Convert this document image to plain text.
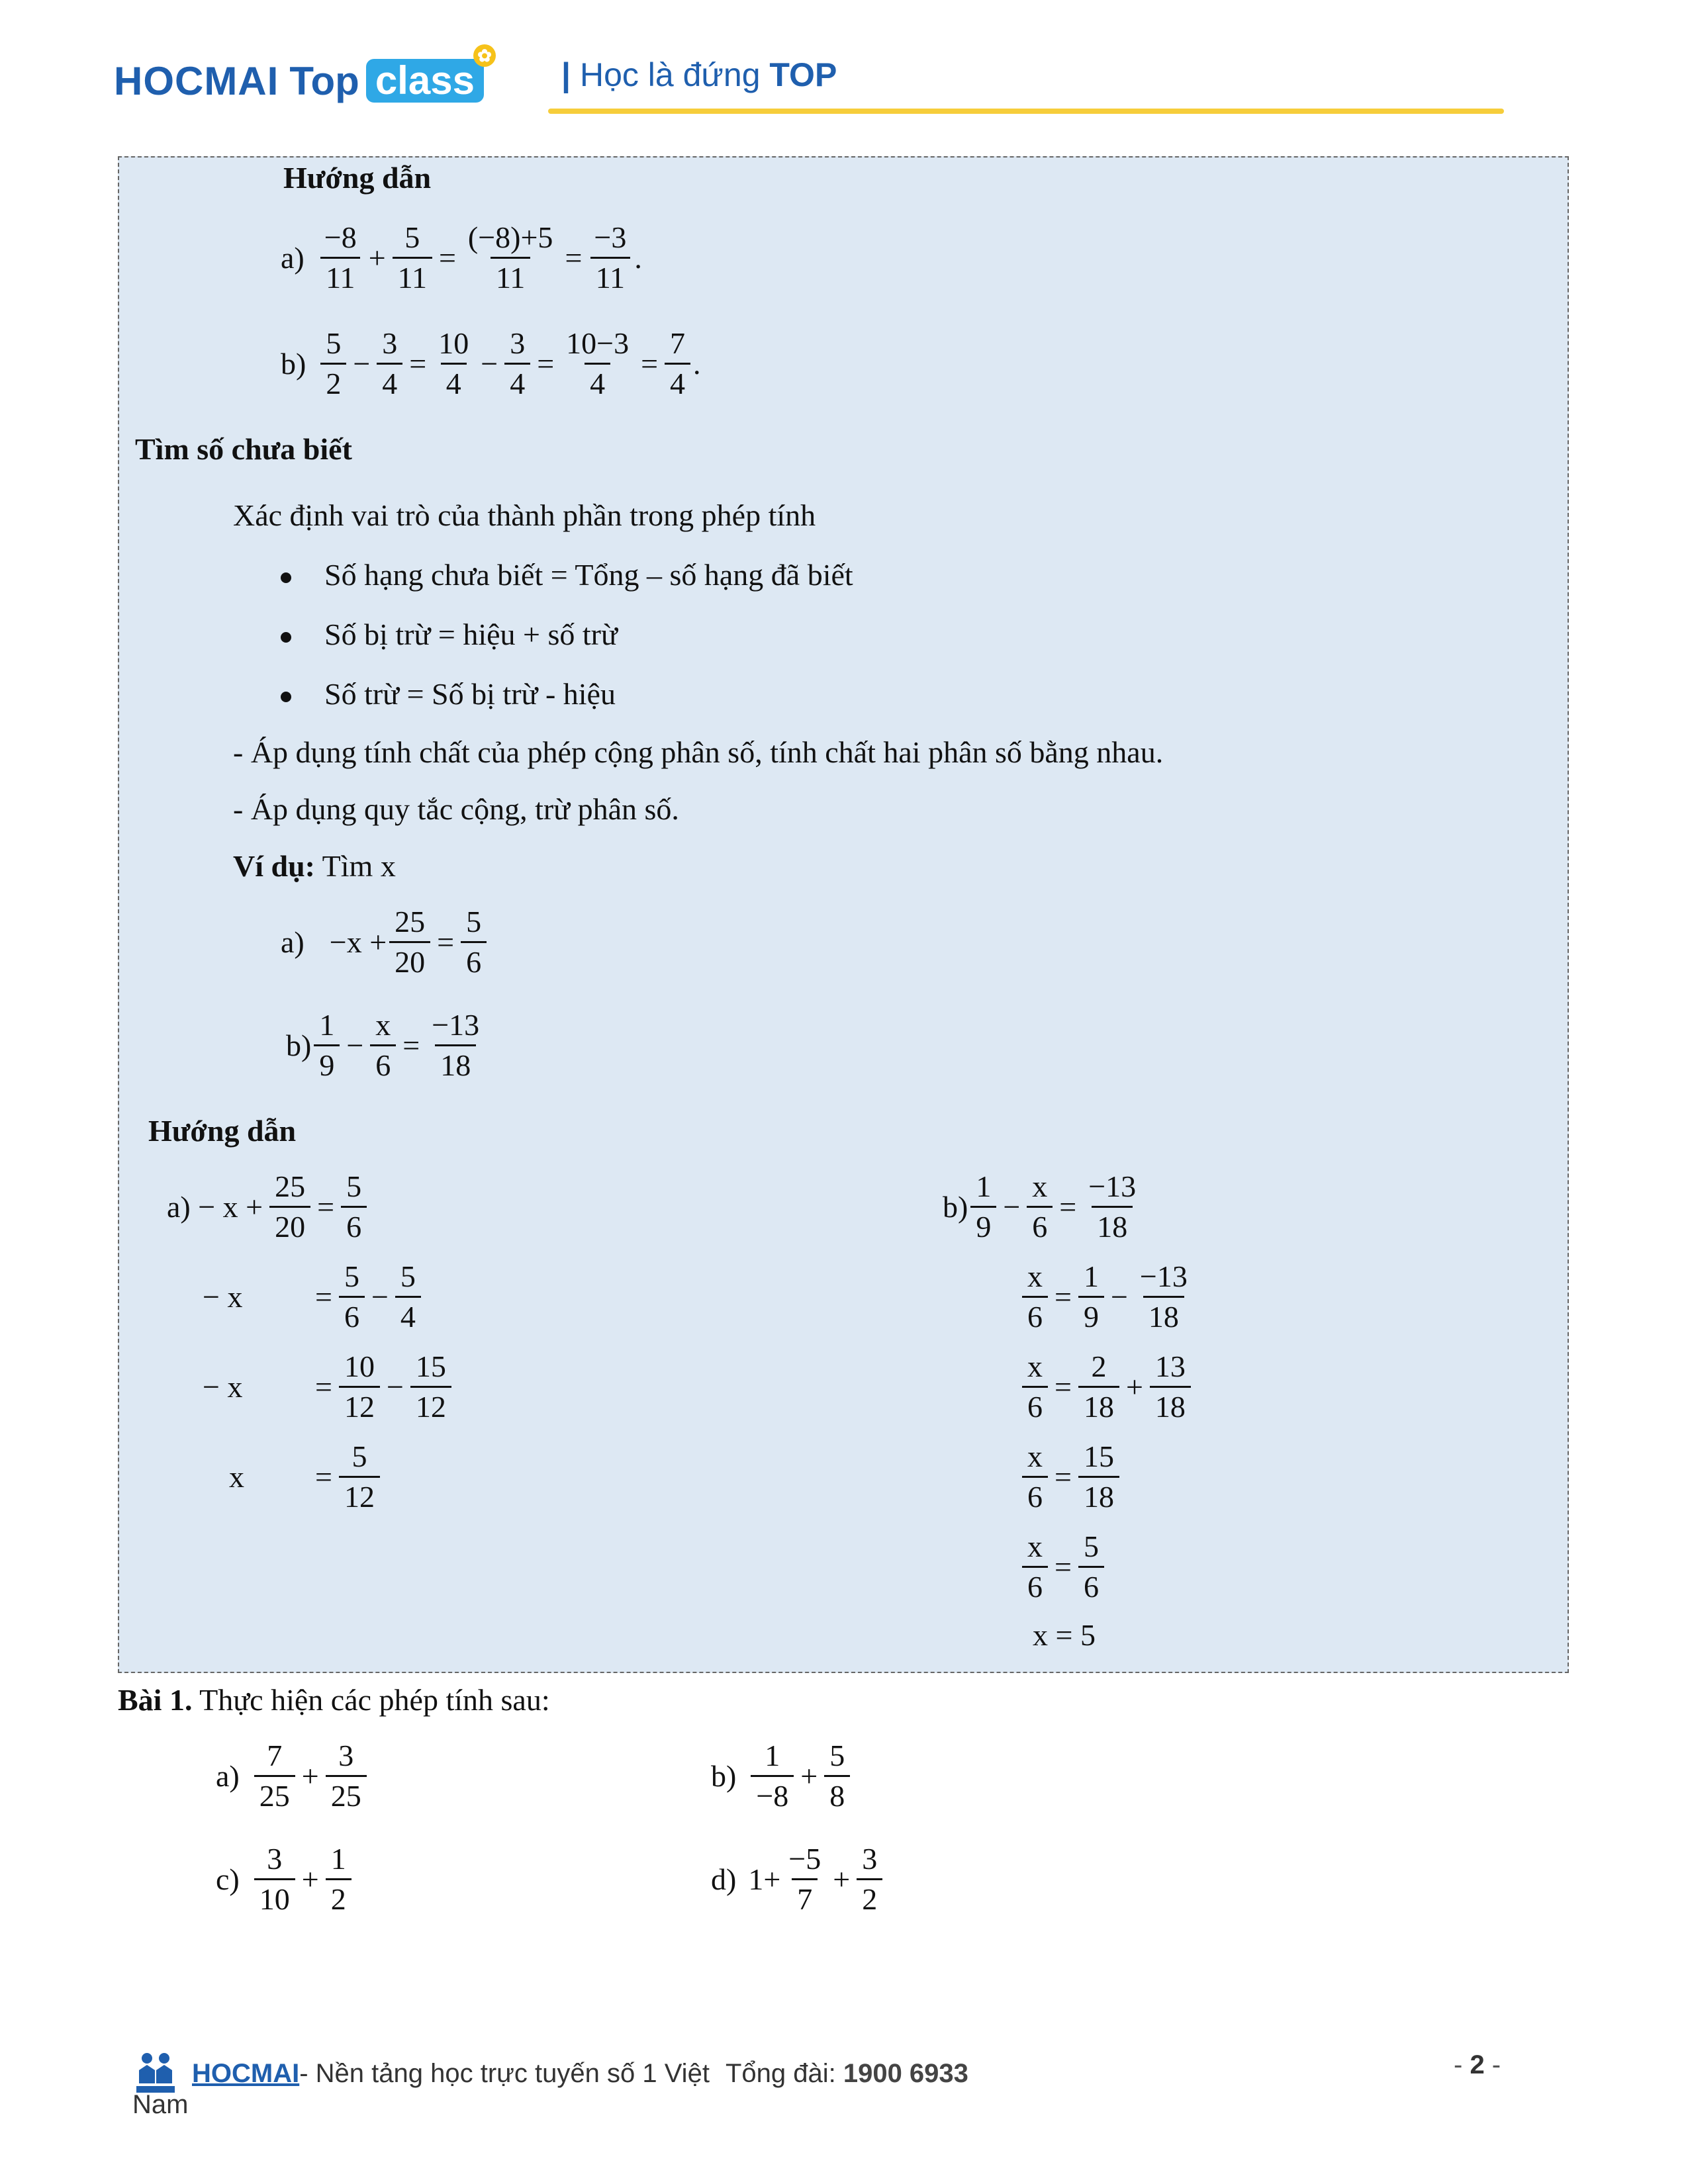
HOCMAI Top class
✿
| Học là đứng TOP
Hướng dẫn
$a) \frac{-8}{11} + \frac{5}{11} = \frac{(-8)+5}{11} = \frac{-3}{11}$ .
$b) \frac{5}{2} - \frac{3}{4} = \frac{10}{4} - \frac{3}{4} = \frac{10-3}{4} = \frac{7}{4}$ .
Tìm số chưa biết
Xác định vai trò của thành phần trong phép tính
Số hạng chưa biết = Tổng – số hạng đã biết
Số bị trừ = hiệu + số trừ
Số trừ = Số bị trừ - hiệu
- Áp dụng tính chất của phép cộng phân số, tính chất hai phân số bằng nhau.
- Áp dụng quy tắc cộng, trừ phân số.
Ví dụ: Tìm x
$a) -x + \frac{25}{20} = \frac{5}{6}$
$b) \frac{1}{9} - \frac{x}{6} = \frac{-13}{18}$
Hướng dẫn
$a) - x + \frac{25}{20} = \frac{5}{6}$
− x	= $\frac{5}{6} - \frac{5}{4}$
− x	= $\frac{10}{12} - \frac{15}{12}$
x	= $\frac{5}{12}$
$b) \frac{1}{9} - \frac{x}{6} = \frac{-13}{18}$
$\frac{x}{6} = \frac{1}{9} - \frac{-13}{18}$
$\frac{x}{6} = \frac{2}{18} + \frac{13}{18}$
$\frac{x}{6} = \frac{15}{18}$
$\frac{x}{6} = \frac{5}{6}$
x = 5
Bài 1. Thực hiện các phép tính sau:
$a) \frac{7}{25} + \frac{3}{25}$	$b) \frac{1}{-8} + \frac{5}{8}$
$c) \frac{3}{10} + \frac{1}{2}$	d) $1+ \frac{-5}{7} + \frac{3}{2}$
HOCMAI - Nền tảng học trực tuyến số 1 Việt Tổng đài: 1900 6933
Nam
- 2 -
